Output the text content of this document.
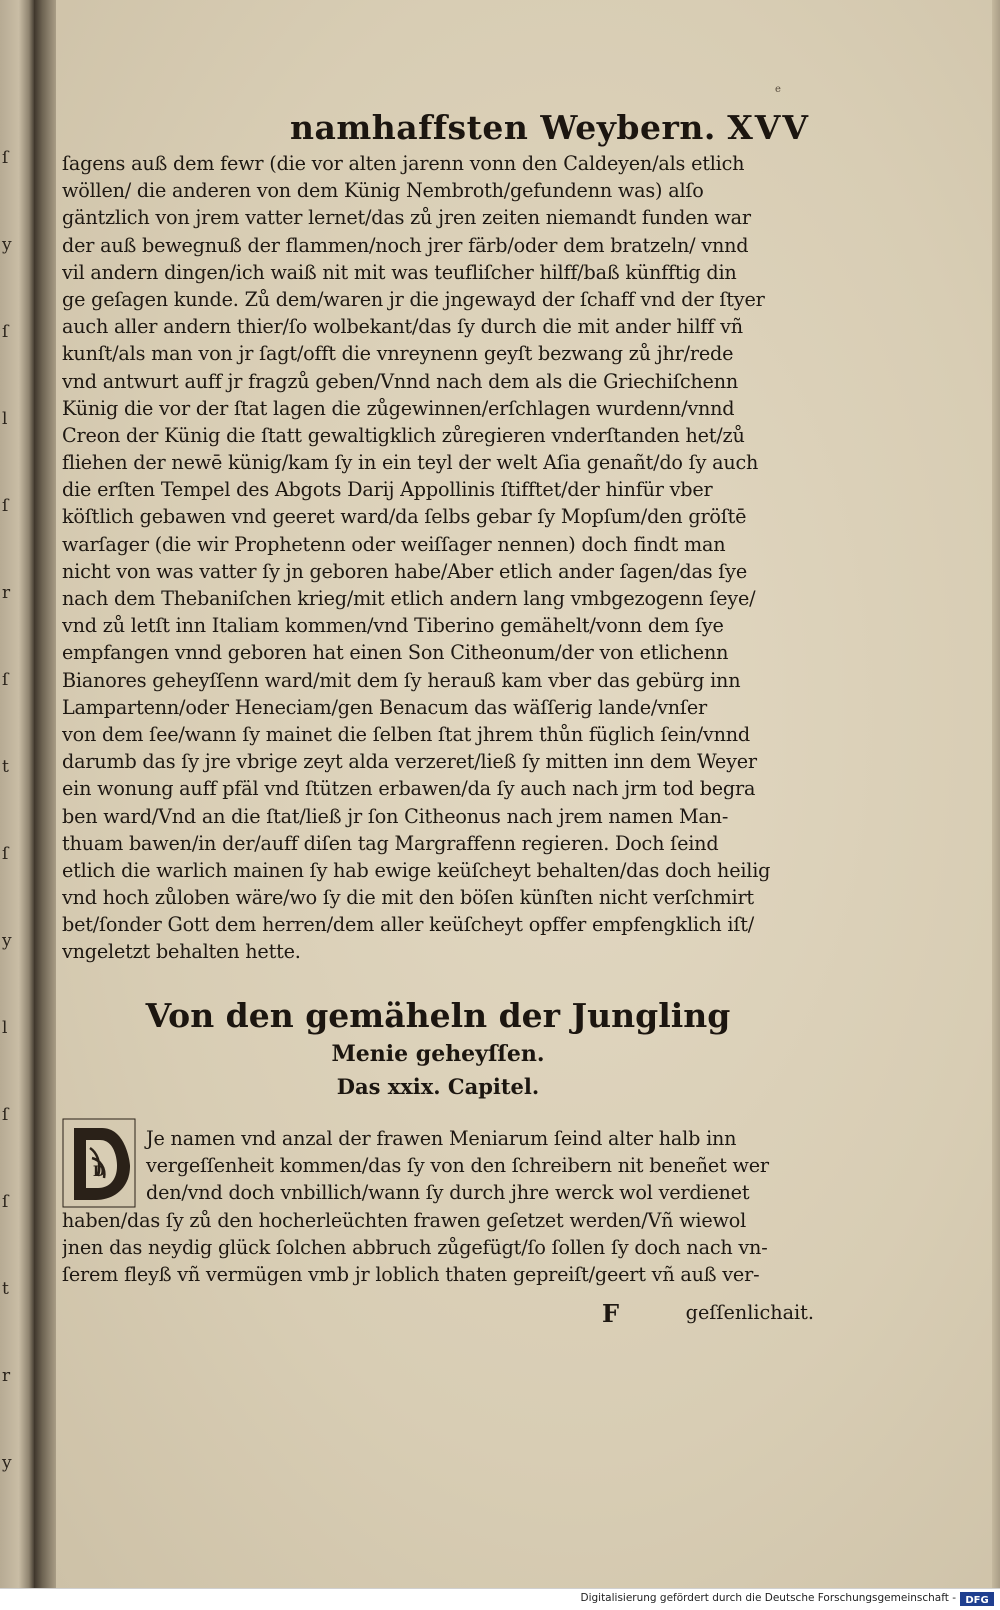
ſ
y
ſ
l
ſ
r
ſ
t
ſ
y
l
ſ
ſ
t
r
y
e
namhaffsten Weybern. XVV
ſagens auß dem fewr (die vor alten jarenn vonn den Caldeyen/als etlich
wöllen/ die anderen von dem Künig Nembroth/gefundenn was) alſo
gäntzlich von jrem vatter lernet/das zů jren zeiten niemandt funden war
der auß bewegnuß der flammen/noch jrer färb/oder dem bratzeln/ vnnd
vil andern dingen/ich waiß nit mit was teufliſcher hilff/baß künfftig din
ge geſagen kunde. Zů dem/waren jr die jngewayd der ſchaff vnd der ſtyer
auch aller andern thier/ſo wolbekant/das ſy durch die mit ander hilff vñ
kunſt/als man von jr ſagt/offt die vnreynenn geyſt bezwang zů jhr/rede
vnd antwurt auff jr fragzů geben/Vnnd nach dem als die Griechiſchenn
Künig die vor der ſtat lagen die zůgewinnen/erſchlagen wurdenn/vnnd
Creon der Künig die ſtatt gewaltigklich zůregieren vnderſtanden het/zů
fliehen der newē künig/kam ſy in ein teyl der welt Aſia genañt/do ſy auch
die erſten Tempel des Abgots Darij Appollinis ſtifftet/der hinfür vber
köſtlich gebawen vnd geeret ward/da ſelbs gebar ſy Mopſum/den gröſtē
warſager (die wir Prophetenn oder weiſſager nennen) doch findt man
nicht von was vatter ſy jn geboren habe/Aber etlich ander ſagen/das ſye
nach dem Thebaniſchen krieg/mit etlich andern lang vmbgezogenn ſeye/
vnd zů letſt inn Italiam kommen/vnd Tiberino gemähelt/vonn dem ſye
empfangen vnnd geboren hat einen Son Citheonum/der von etlichenn
Bianores geheyſſenn ward/mit dem ſy herauß kam vber das gebürg inn
Lampartenn/oder Heneciam/gen Benacum das wäſſerig lande/vnſer
von dem ſee/wann ſy mainet die ſelben ſtat jhrem thůn füglich ſein/vnnd
darumb das ſy jre vbrige zeyt alda verzeret/ließ ſy mitten inn dem Weyer
ein wonung auff pfäl vnd ſtützen erbawen/da ſy auch nach jrm tod begra
ben ward/Vnd an die ſtat/ließ jr ſon Citheonus nach jrem namen Man-
thuam bawen/in der/auff diſen tag Margraffenn regieren. Doch ſeind
etlich die warlich mainen ſy hab ewige keüſcheyt behalten/das doch heilig
vnd hoch zůloben wäre/wo ſy die mit den böſen künſten nicht verſchmirt
bet/ſonder Gott dem herren/dem aller keüſcheyt opffer empfengklich iſt/
vngeletzt behalten hette.
Von den gemäheln der Jungling
Menie geheyſſen.
Das xxix. Capitel.
D
Je namen vnd anzal der frawen Meniarum ſeind alter halb inn
vergeſſenheit kommen/das ſy von den ſchreibern nit beneñet wer
den/vnd doch vnbillich/wann ſy durch jhre werck wol verdienet
haben/das ſy zů den hocherleüchten frawen geſetzet werden/Vñ wiewol
jnen das neydig glück ſolchen abbruch zůgefügt/ſo ſollen ſy doch nach vn-
ſerem fleyß vñ vermügen vmb jr loblich thaten gepreiſt/geert vñ auß ver-
F	geſſenlichait.
Digitalisierung gefördert durch die Deutsche Forschungsgemeinschaft - DFG
